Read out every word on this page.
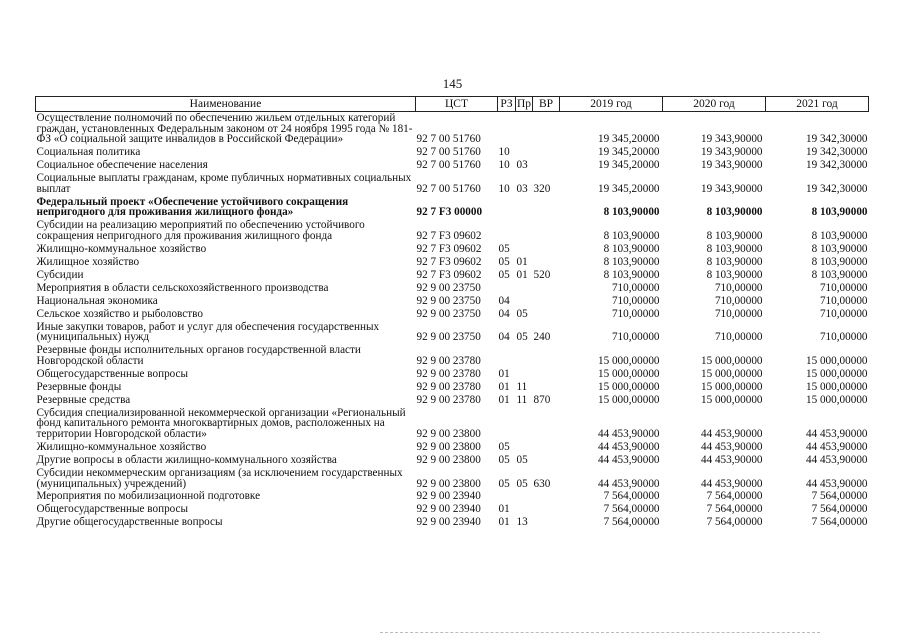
145
Наименование	ЦСТ	РЗ	Пр	ВР	2019 год	2020 год	2021 год
Осуществление полномочий по обеспечению жильем отдельных категорий граждан, установленных Федеральным законом от 24 ноября 1995 года № 181-ФЗ «О социальной защите инвалидов в Российской Федерации»	92 7 00 51760				19 345,20000	19 343,90000	19 342,30000
Социальная политика	92 7 00 51760	10			19 345,20000	19 343,90000	19 342,30000
Социальное обеспечение населения	92 7 00 51760	10	03		19 345,20000	19 343,90000	19 342,30000
Социальные выплаты гражданам, кроме публичных нормативных социальных выплат	92 7 00 51760	10	03	320	19 345,20000	19 343,90000	19 342,30000
Федеральный проект «Обеспечение устойчивого сокращения непригодного для проживания жилищного фонда»	92 7 F3 00000				8 103,90000	8 103,90000	8 103,90000
Субсидии на реализацию мероприятий по обеспечению устойчивого сокращения непригодного для проживания жилищного фонда	92 7 F3 09602				8 103,90000	8 103,90000	8 103,90000
Жилищно-коммунальное хозяйство	92 7 F3 09602	05			8 103,90000	8 103,90000	8 103,90000
Жилищное хозяйство	92 7 F3 09602	05	01		8 103,90000	8 103,90000	8 103,90000
Субсидии	92 7 F3 09602	05	01	520	8 103,90000	8 103,90000	8 103,90000
Мероприятия в области сельскохозяйственного производства	92 9 00 23750				710,00000	710,00000	710,00000
Национальная экономика	92 9 00 23750	04			710,00000	710,00000	710,00000
Сельское хозяйство и рыболовство	92 9 00 23750	04	05		710,00000	710,00000	710,00000
Иные закупки товаров, работ и услуг для обеспечения государственных (муниципальных) нужд	92 9 00 23750	04	05	240	710,00000	710,00000	710,00000
Резервные фонды исполнительных органов государственной власти Новгородской области	92 9 00 23780				15 000,00000	15 000,00000	15 000,00000
Общегосударственные вопросы	92 9 00 23780	01			15 000,00000	15 000,00000	15 000,00000
Резервные фонды	92 9 00 23780	01	11		15 000,00000	15 000,00000	15 000,00000
Резервные средства	92 9 00 23780	01	11	870	15 000,00000	15 000,00000	15 000,00000
Субсидия специализированной некоммерческой организации «Региональный фонд капитального ремонта многоквартирных домов, расположенных на территории Новгородской области»	92 9 00 23800				44 453,90000	44 453,90000	44 453,90000
Жилищно-коммунальное хозяйство	92 9 00 23800	05			44 453,90000	44 453,90000	44 453,90000
Другие вопросы в области жилищно-коммунального хозяйства	92 9 00 23800	05	05		44 453,90000	44 453,90000	44 453,90000
Субсидии некоммерческим организациям (за исключением государственных (муниципальных) учреждений)	92 9 00 23800	05	05	630	44 453,90000	44 453,90000	44 453,90000
Мероприятия по мобилизационной подготовке	92 9 00 23940				7 564,00000	7 564,00000	7 564,00000
Общегосударственные вопросы	92 9 00 23940	01			7 564,00000	7 564,00000	7 564,00000
Другие общегосударственные вопросы	92 9 00 23940	01	13		7 564,00000	7 564,00000	7 564,00000
